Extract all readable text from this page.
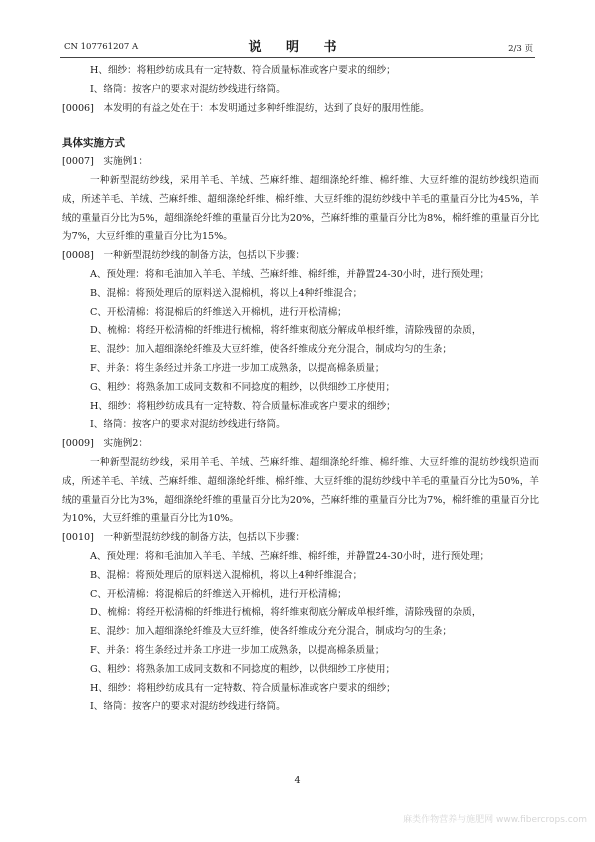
CN 107761207 A	说 明 书	2/3 页

H、细纱：将粗纱纺成具有一定特数、符合质量标准或客户要求的细纱；

I、络筒：按客户的要求对混纺纱线进行络筒。

[0006]　本发明的有益之处在于：本发明通过多种纤维混纺，达到了良好的服用性能。

具体实施方式

[0007]　实施例1：

一种新型混纺纱线，采用羊毛、羊绒、苎麻纤维、超细涤纶纤维、棉纤维、大豆纤维的混纺纱线织造而成，所述羊毛、羊绒、苎麻纤维、超细涤纶纤维、棉纤维、大豆纤维的混纺纱线中羊毛的重量百分比为45%，羊绒的重量百分比为5%，超细涤纶纤维的重量百分比为20%，苎麻纤维的重量百分比为8%，棉纤维的重量百分比为7%，大豆纤维的重量百分比为15%。

[0008]　一种新型混纺纱线的制备方法，包括以下步骤：

A、预处理：将和毛油加入羊毛、羊绒、苎麻纤维、棉纤维，并静置24-30小时，进行预处理；

B、混棉：将预处理后的原料送入混棉机，将以上4种纤维混合；

C、开松清棉：将混棉后的纤维送入开棉机，进行开松清棉；

D、梳棉：将经开松清棉的纤维进行梳棉，将纤维束彻底分解成单根纤维，清除残留的杂质，

E、混纱：加入超细涤纶纤维及大豆纤维，使各纤维成分充分混合，制成均匀的生条；

F、并条：将生条经过并条工序进一步加工成熟条，以提高棉条质量；

G、粗纱：将熟条加工成同支数和不同捻度的粗纱，以供细纱工序使用；

H、细纱：将粗纱纺成具有一定特数、符合质量标准或客户要求的细纱；

I、络筒：按客户的要求对混纺纱线进行络筒。

[0009]　实施例2：

一种新型混纺纱线，采用羊毛、羊绒、苎麻纤维、超细涤纶纤维、棉纤维、大豆纤维的混纺纱线织造而成，所述羊毛、羊绒、苎麻纤维、超细涤纶纤维、棉纤维、大豆纤维的混纺纱线中羊毛的重量百分比为50%，羊绒的重量百分比为3%，超细涤纶纤维的重量百分比为20%，苎麻纤维的重量百分比为7%，棉纤维的重量百分比为10%，大豆纤维的重量百分比为10%。

[0010]　一种新型混纺纱线的制备方法，包括以下步骤：

A、预处理：将和毛油加入羊毛、羊绒、苎麻纤维、棉纤维，并静置24-30小时，进行预处理；

B、混棉：将预处理后的原料送入混棉机，将以上4种纤维混合；

C、开松清棉：将混棉后的纤维送入开棉机，进行开松清棉；

D、梳棉：将经开松清棉的纤维进行梳棉，将纤维束彻底分解成单根纤维，清除残留的杂质，

E、混纱：加入超细涤纶纤维及大豆纤维，使各纤维成分充分混合，制成均匀的生条；

F、并条：将生条经过并条工序进一步加工成熟条，以提高棉条质量；

G、粗纱：将熟条加工成同支数和不同捻度的粗纱，以供细纱工序使用；

H、细纱：将粗纱纺成具有一定特数、符合质量标准或客户要求的细纱；

I、络筒：按客户的要求对混纺纱线进行络筒。

4
麻类作物营养与施肥网 www.fibercrops.com
